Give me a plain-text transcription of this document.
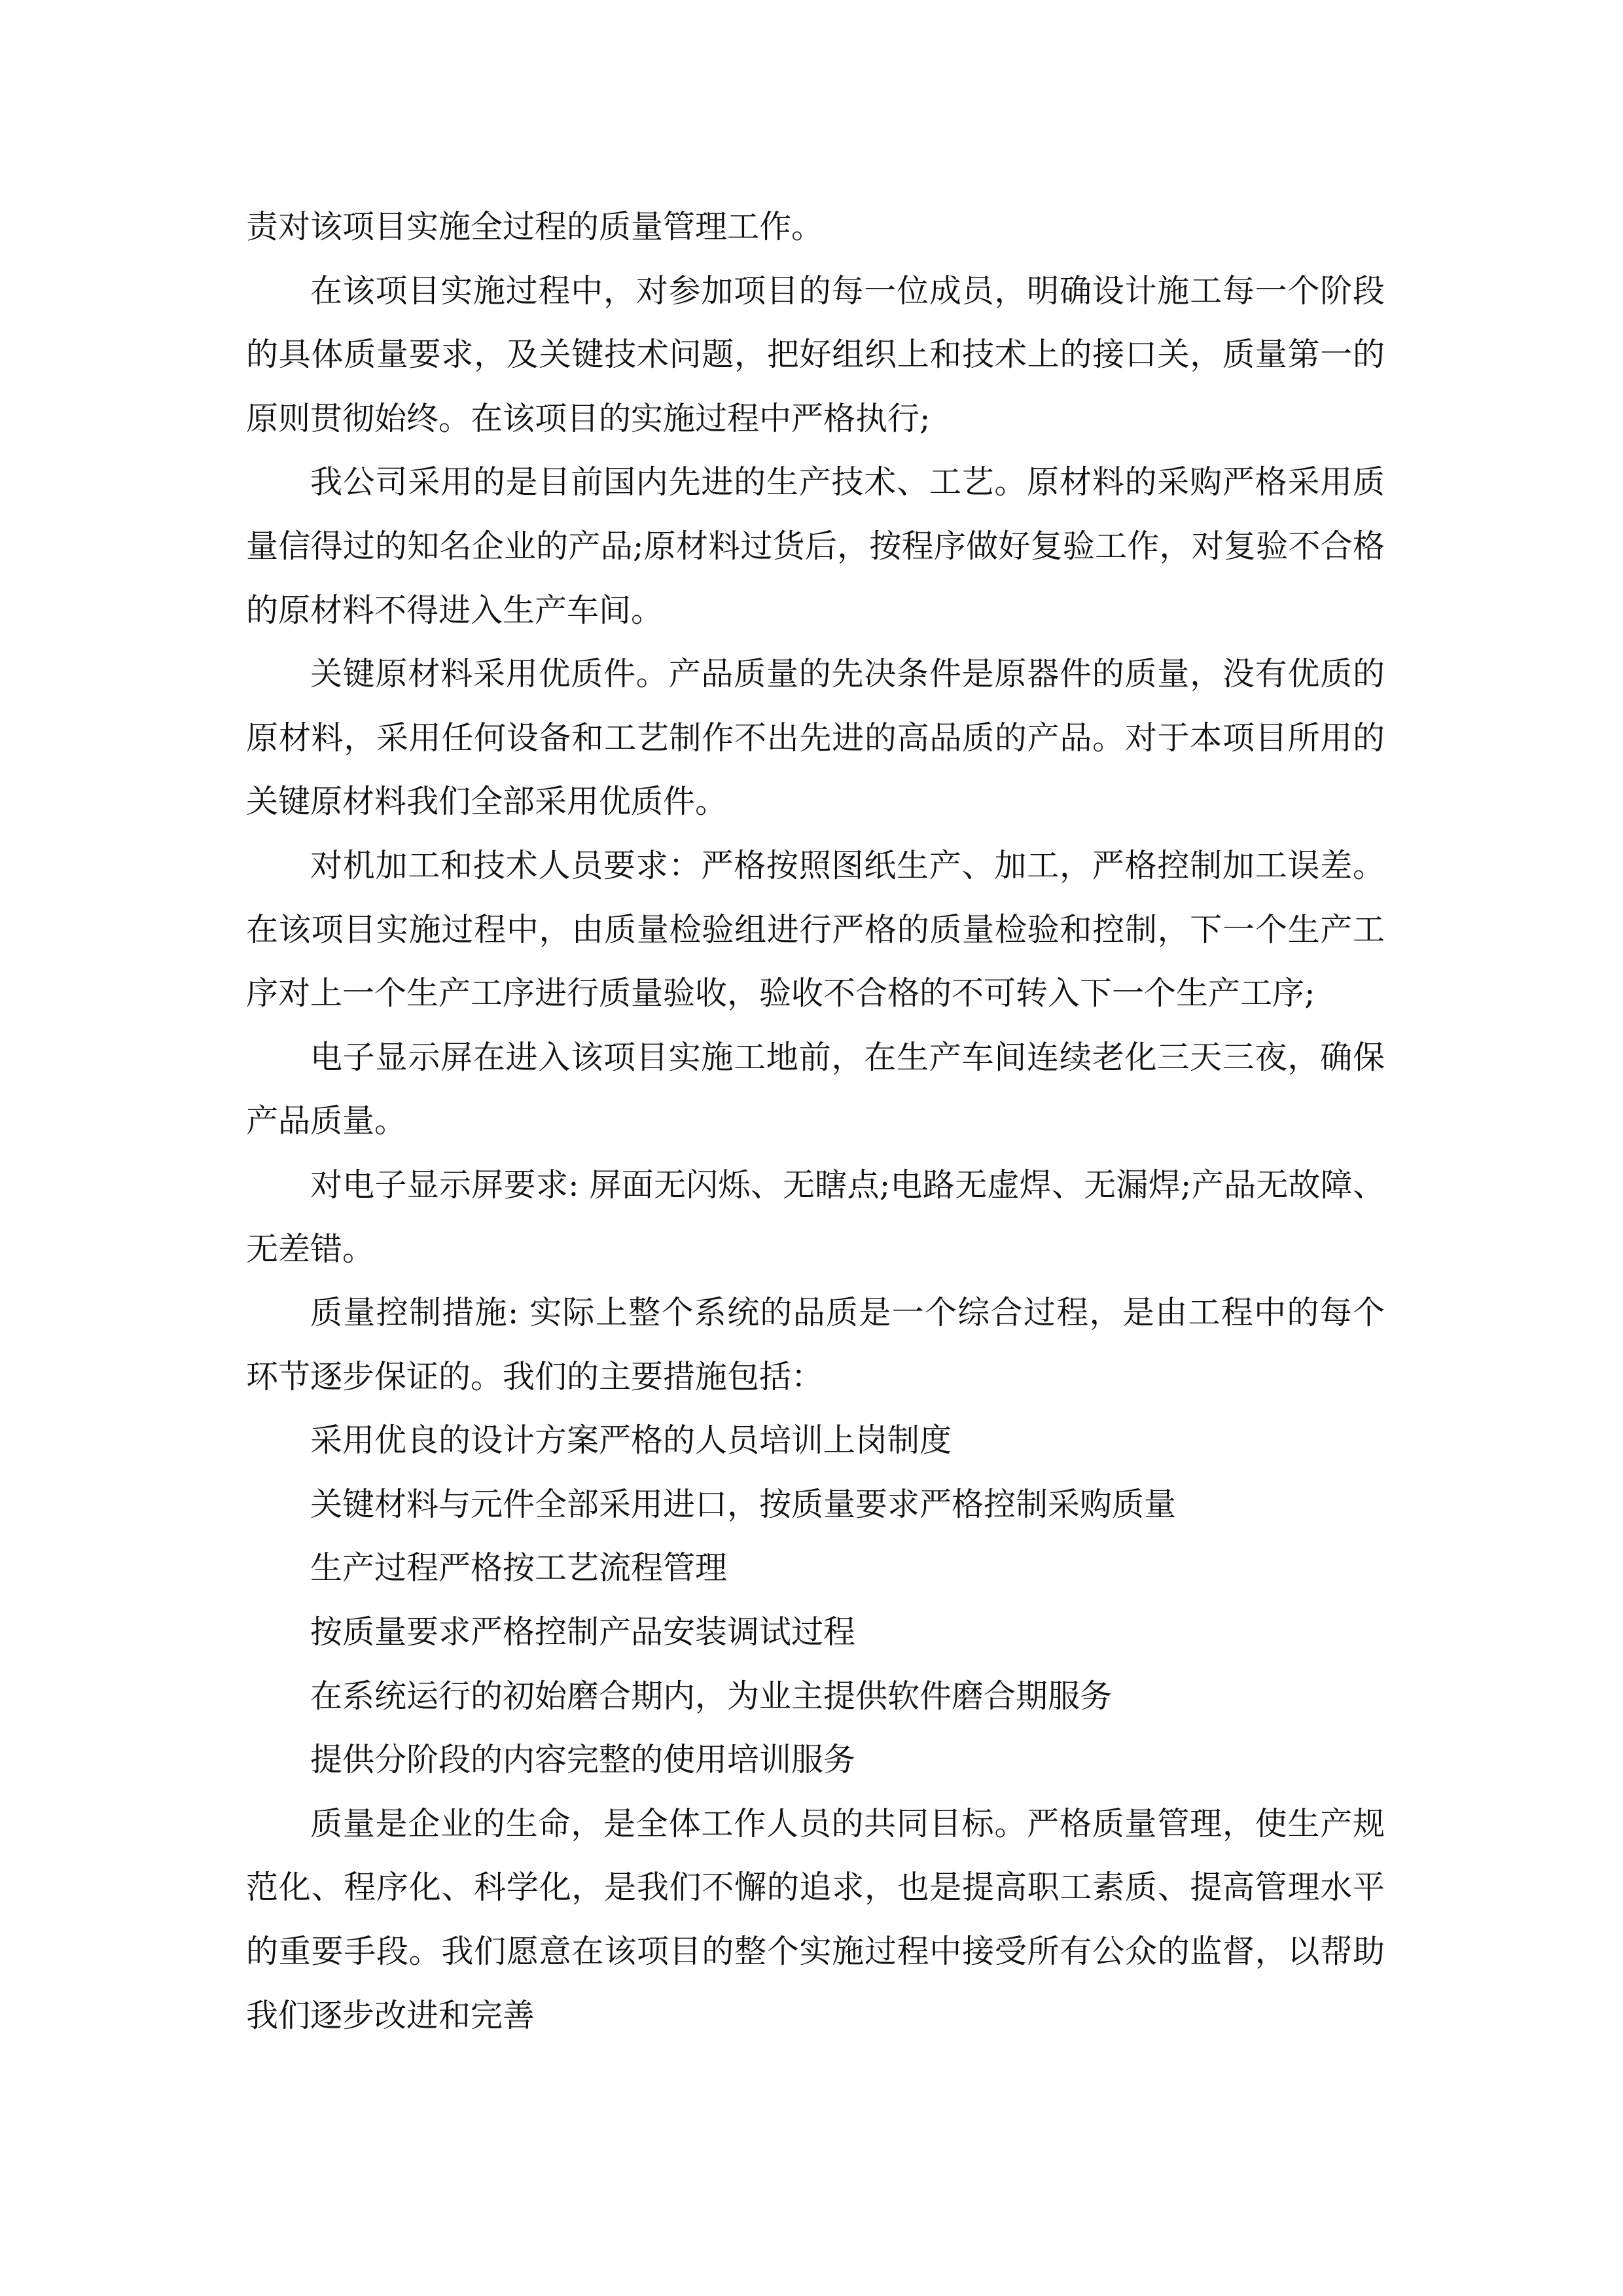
责对该项目实施全过程的质量管理工作。

在该项目实施过程中，对参加项目的每一位成员，明确设计施工每一个阶段的具体质量要求，及关键技术问题，把好组织上和技术上的接口关，质量第一的原则贯彻始终。在该项目的实施过程中严格执行;

我公司采用的是目前国内先进的生产技术、工艺。原材料的采购严格采用质量信得过的知名企业的产品;原材料过货后，按程序做好复验工作，对复验不合格的原材料不得进入生产车间。

关键原材料采用优质件。产品质量的先决条件是原器件的质量，没有优质的原材料，采用任何设备和工艺制作不出先进的高品质的产品。对于本项目所用的关键原材料我们全部采用优质件。

对机加工和技术人员要求：严格按照图纸生产、加工，严格控制加工误差。在该项目实施过程中，由质量检验组进行严格的质量检验和控制，下一个生产工序对上一个生产工序进行质量验收，验收不合格的不可转入下一个生产工序;

电子显示屏在进入该项目实施工地前，在生产车间连续老化三天三夜，确保产品质量。

对电子显示屏要求: 屏面无闪烁、无瞎点;电路无虚焊、无漏焊;产品无故障、无差错。

质量控制措施: 实际上整个系统的品质是一个综合过程，是由工程中的每个环节逐步保证的。我们的主要措施包括：

采用优良的设计方案严格的人员培训上岗制度

关键材料与元件全部采用进口，按质量要求严格控制采购质量

生产过程严格按工艺流程管理

按质量要求严格控制产品安装调试过程

在系统运行的初始磨合期内，为业主提供软件磨合期服务

提供分阶段的内容完整的使用培训服务

质量是企业的生命，是全体工作人员的共同目标。严格质量管理，使生产规范化、程序化、科学化，是我们不懈的追求，也是提高职工素质、提高管理水平的重要手段。我们愿意在该项目的整个实施过程中接受所有公众的监督，以帮助我们逐步改进和完善
